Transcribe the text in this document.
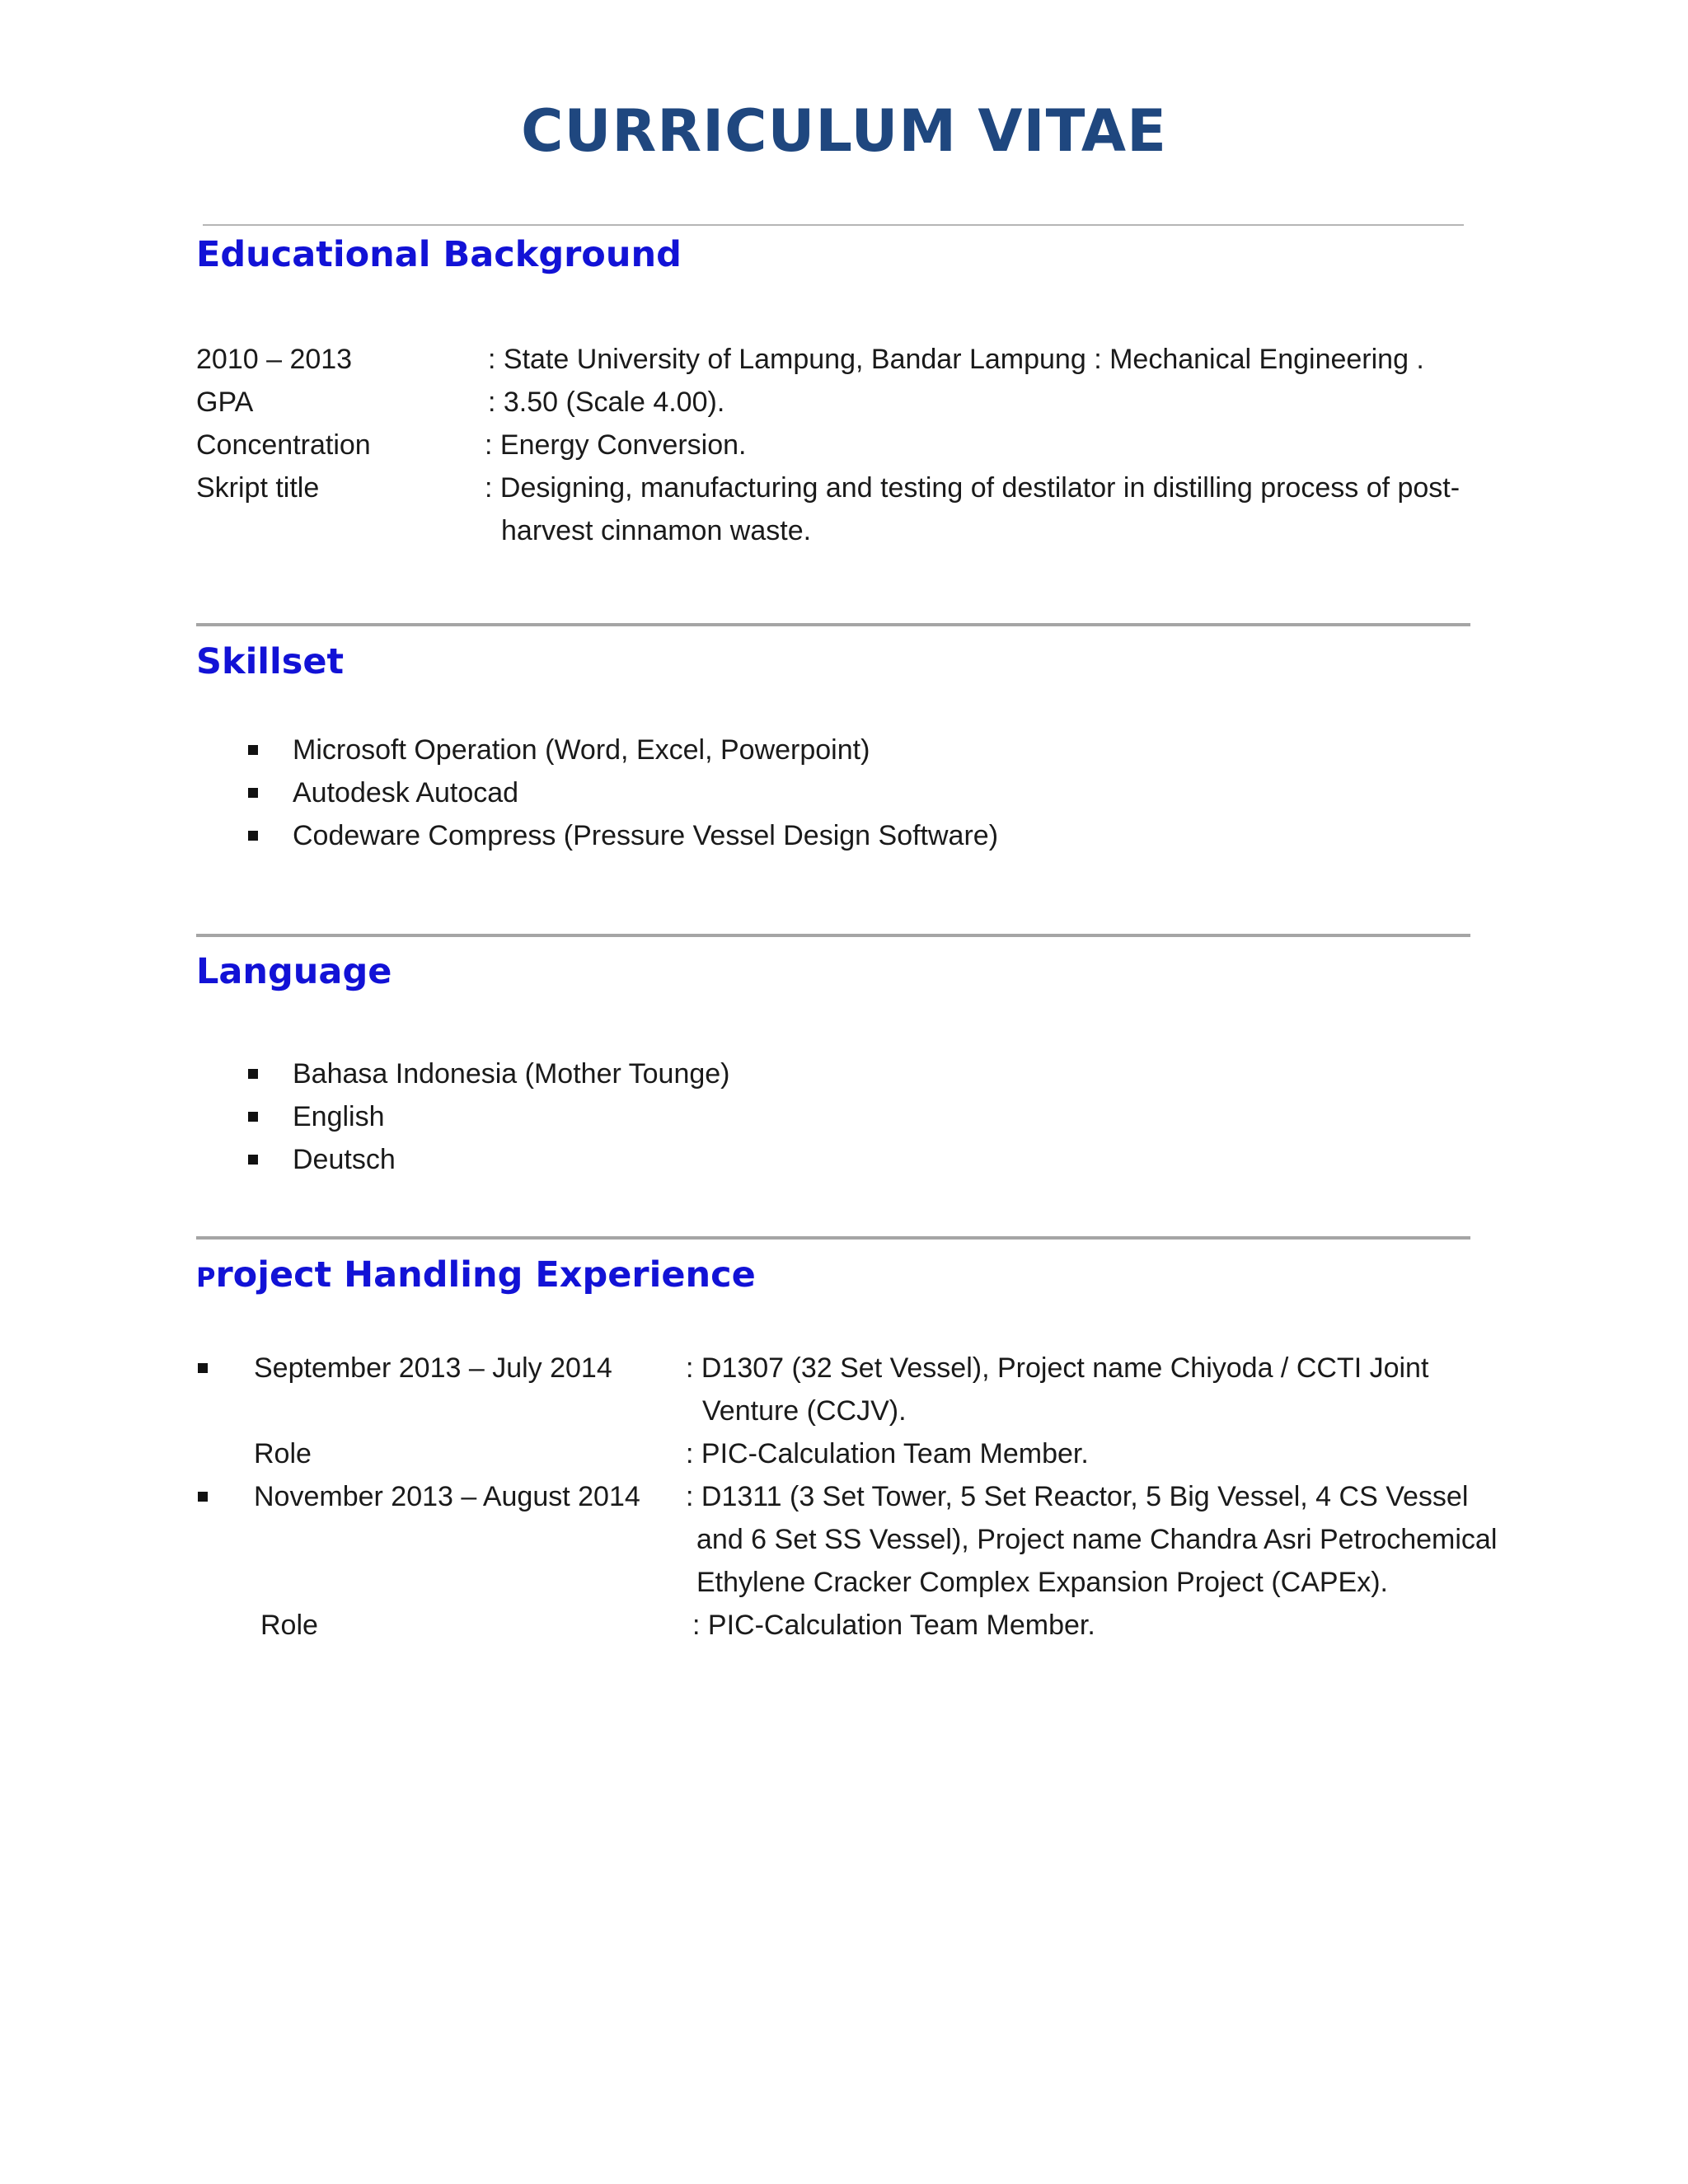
CURRICULUM VITAE
Educational Background
2010 – 2013	: State University of Lampung, Bandar Lampung : Mechanical Engineering .
GPA	: 3.50 (Scale 4.00).
Concentration	: Energy Conversion.
Skript title	: Designing, manufacturing and testing of destilator in distilling process of post-
harvest cinnamon waste.
Skillset
Microsoft Operation (Word, Excel, Powerpoint)
Autodesk Autocad
Codeware Compress (Pressure Vessel Design Software)
Language
Bahasa Indonesia (Mother Tounge)
English
Deutsch
Project Handling Experience
September 2013 – July 2014	: D1307 (32 Set Vessel), Project name Chiyoda / CCTI Joint
Venture (CCJV).
Role	: PIC-Calculation Team Member.
November 2013 – August 2014 : D1311 (3 Set Tower, 5 Set Reactor, 5 Big Vessel, 4 CS Vessel
and 6 Set SS Vessel), Project name Chandra Asri Petrochemical
Ethylene Cracker Complex Expansion Project (CAPEx).
Role	: PIC-Calculation Team Member.
